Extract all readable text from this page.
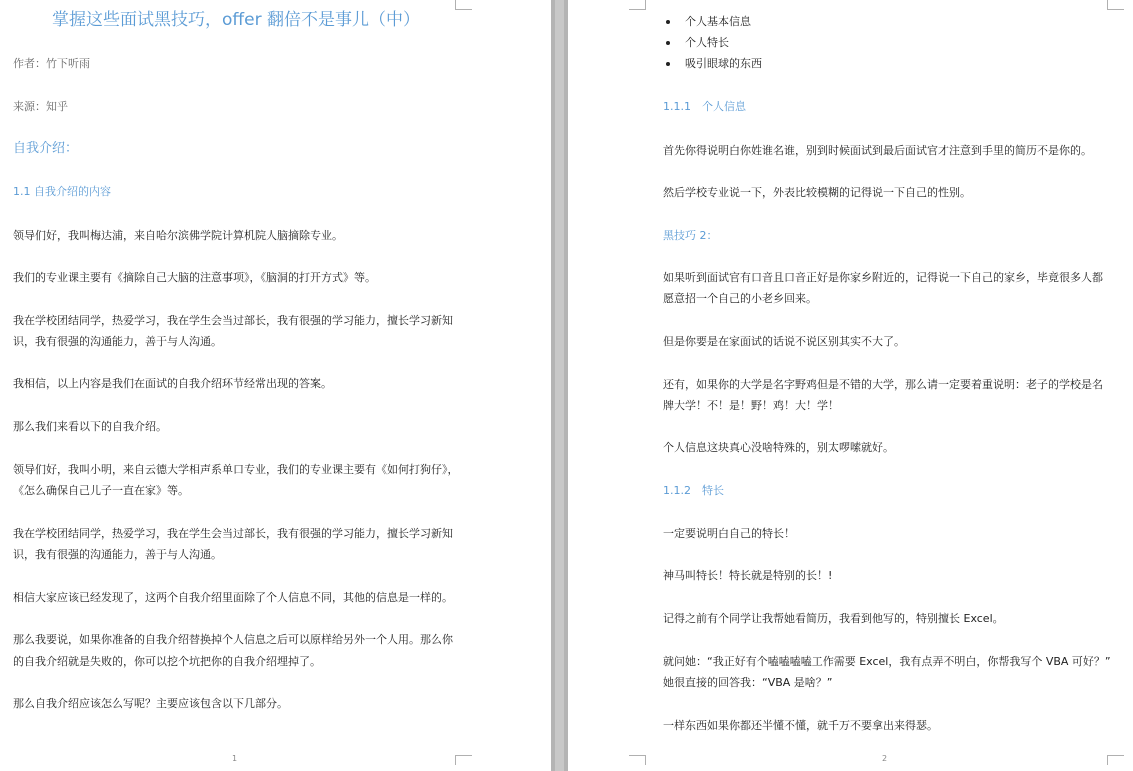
掌握这些面试黑技巧，offer 翻倍不是事儿（中）
作者：竹下听雨
来源：知乎
自我介绍：
1.1 自我介绍的内容
领导们好，我叫梅达浦，来自哈尔滨佛学院计算机院人脑摘除专业。
我们的专业课主要有《摘除自己大脑的注意事项》，《脑洞的打开方式》等。
我在学校团结同学，热爱学习，我在学生会当过部长，我有很强的学习能力，擅长学习新知
识，我有很强的沟通能力，善于与人沟通。
我相信，以上内容是我们在面试的自我介绍环节经常出现的答案。
那么我们来看以下的自我介绍。
领导们好，我叫小明，来自云德大学相声系单口专业，我们的专业课主要有《如何打狗仔》，
《怎么确保自己儿子一直在家》等。
我在学校团结同学，热爱学习，我在学生会当过部长，我有很强的学习能力，擅长学习新知
识，我有很强的沟通能力，善于与人沟通。
相信大家应该已经发现了，这两个自我介绍里面除了个人信息不同，其他的信息是一样的。
那么我要说，如果你准备的自我介绍替换掉个人信息之后可以原样给另外一个人用。那么你
的自我介绍就是失败的，你可以挖个坑把你的自我介绍埋掉了。
那么自我介绍应该怎么写呢？主要应该包含以下几部分。
1
个人基本信息
个人特长
吸引眼球的东西
1.1.1　个人信息
首先你得说明白你姓谁名谁，别到时候面试到最后面试官才注意到手里的简历不是你的。
然后学校专业说一下，外表比较模糊的记得说一下自己的性别。
黑技巧 2：
如果听到面试官有口音且口音正好是你家乡附近的，记得说一下自己的家乡，毕竟很多人都
愿意招一个自己的小老乡回来。
但是你要是在家面试的话说不说区别其实不大了。
还有，如果你的大学是名字野鸡但是不错的大学，那么请一定要着重说明：老子的学校是名
牌大学！不！是！野！鸡！大！学！
个人信息这块真心没啥特殊的，别太啰嗦就好。
1.1.2　特长
一定要说明白自己的特长！
神马叫特长！特长就是特别的长！!
记得之前有个同学让我帮她看简历，我看到他写的，特别擅长 Excel。
就问她：“我正好有个嗑嗑嗑嗑工作需要 Excel，我有点弄不明白，你帮我写个 VBA 可好？”
她很直接的回答我：“VBA 是啥？”
一样东西如果你都还半懂不懂，就千万不要拿出来得瑟。
2
